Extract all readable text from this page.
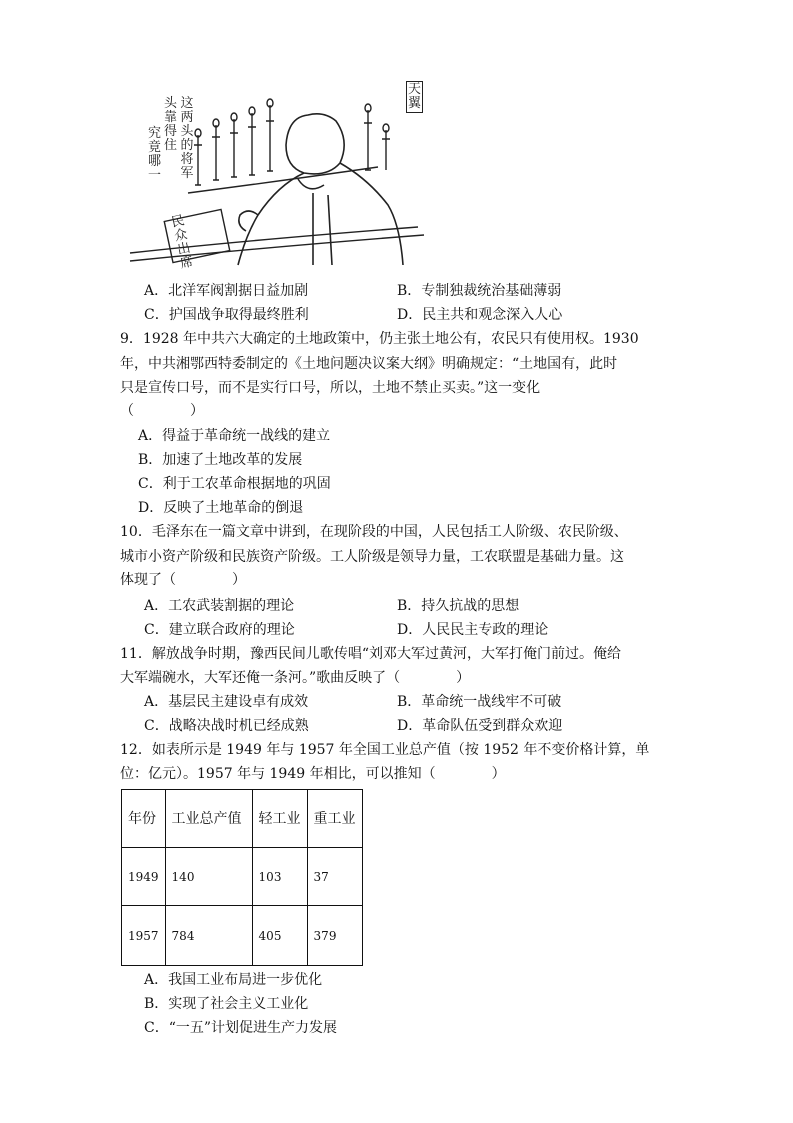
究
竟
哪
一
头
靠
得
住
这
两
头
的
将
军
民
众
出
席
天
翼
A．北洋军阀割据日益加剧	B．专制独裁统治基础薄弱
C．护国战争取得最终胜利	D．民主共和观念深入人心
9．1928 年中共六大确定的土地政策中，仍主张土地公有，农民只有使用权。1930
年，中共湘鄂西特委制定的《土地问题决议案大纲》明确规定：“土地国有，此时
只是宣传口号，而不是实行口号，所以，土地不禁止买卖。”这一变化
（　　　　）
A．得益于革命统一战线的建立
B．加速了土地改革的发展
C．利于工农革命根据地的巩固
D．反映了土地革命的倒退
10．毛泽东在一篇文章中讲到，在现阶段的中国，人民包括工人阶级、农民阶级、
城市小资产阶级和民族资产阶级。工人阶级是领导力量，工农联盟是基础力量。这
体现了（　　　　）
A．工农武装割据的理论	B．持久抗战的思想
C．建立联合政府的理论	D．人民民主专政的理论
11．解放战争时期，豫西民间儿歌传唱“刘邓大军过黄河，大军打俺门前过。俺给
大军端碗水，大军还俺一条河。”歌曲反映了（　　　　）
A．基层民主建设卓有成效	B．革命统一战线牢不可破
C．战略决战时机已经成熟	D．革命队伍受到群众欢迎
12．如表所示是 1949 年与 1957 年全国工业总产值（按 1952 年不变价格计算，单
位：亿元）。1957 年与 1949 年相比，可以推知（　　　　）
年份	工业总产值	轻工业	重工业
1949	140	103	37
1957	784	405	379
A．我国工业布局进一步优化
B．实现了社会主义工业化
C．“一五”计划促进生产力发展
